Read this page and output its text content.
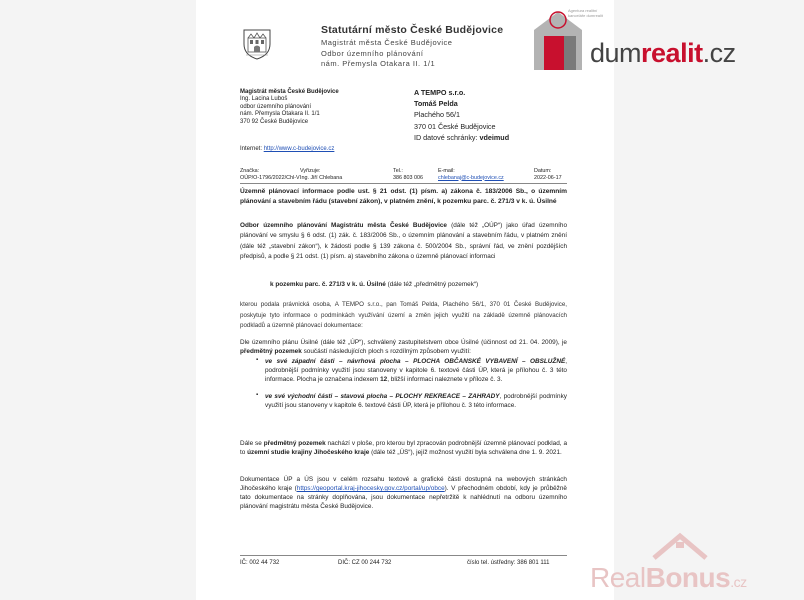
Statutární město České Budějovice
Magistrát města České Budějovice
Odbor územního plánování
nám. Přemysla Otakara II. 1/1
Agentura realitní
kanceláře dumrealit
dumrealit.cz
Magistrát města České Budějovice
Ing. Lacina Luboš
odbor územního plánování
nám. Přemysla Otakara II. 1/1
370 92 České Budějovice
Internet: http://www.c-budejovice.cz
A TEMPO s.r.o.
Tomáš Pelda
Plachého 56/1
370 01 České Budějovice
ID datové schránky: vdeimud
Značka:
OÚP/O-1796/2022/Chl-V
Vyřizuje:
Ing. Jiří Chlebana
Tel.:
386 803 006
E-mail:
chlebanaj@c-budejovice.cz
Datum:
2022-06-17
Územně plánovací informace podle ust. § 21 odst. (1) písm. a) zákona č. 183/2006 Sb., o územním plánování a stavebním řádu (stavební zákon), v platném znění, k pozemku parc. č. 271/3 v k. ú. Úsilné
Odbor územního plánování Magistrátu města České Budějovice (dále též „OÚP“) jako úřad územního plánování ve smyslu § 6 odst. (1) zák. č. 183/2006 Sb., o územním plánování a stavebním řádu, v platném znění (dále též „stavební zákon“), k žádosti podle § 139 zákona č. 500/2004 Sb., správní řád, ve znění pozdějších předpisů, a podle § 21 odst. (1) písm. a) stavebního zákona o územně plánovací informaci
k pozemku parc. č. 271/3 v k. ú. Úsilné (dále též „předmětný pozemek“)
kterou podala právnická osoba, A TEMPO s.r.o., pan Tomáš Pelda, Plachého 56/1, 370 01 České Budějovice, poskytuje tyto informace o podmínkách využívání území a změn jejich využití na základě územně plánovacích podkladů a územně plánovací dokumentace:
Dle územního plánu Úsilné (dále též „ÚP“), schválený zastupitelstvem obce Úsilné (účinnost od 21. 04. 2009), je předmětný pozemek součástí následujících ploch s rozdílným způsobem využití:
▪ ve své západní části – návrhová plocha – PLOCHA OBČANSKÉ VYBAVENÍ – OBSLUŽNÉ, podrobnější podmínky využití jsou stanoveny v kapitole 6. textové části ÚP, která je přílohou č. 3 této informace. Plocha je označena indexem 12, bližší informaci naleznete v příloze č. 3.
▪ ve své východní části – stavová plocha – PLOCHY REKREACE – ZAHRADY, podrobnější podmínky využití jsou stanoveny v kapitole 6. textové části ÚP, která je přílohou č. 3 této informace.
Dále se předmětný pozemek nachází v ploše, pro kterou byl zpracován podrobnější územně plánovací podklad, a to územní studie krajiny Jihočeského kraje (dále též „ÚS“), jejíž možnost využití byla schválena dne 1. 9. 2021.
Dokumentace ÚP a ÚS jsou v celém rozsahu textové a grafické části dostupná na webových stránkách Jihočeského kraje (https://geoportal.kraj-jihocesky.gov.cz/portal/up/obce). V přechodném období, kdy je průběžně tato dokumentace na stránky doplňována, jsou dokumentace nepřetržitě k nahlédnutí na odboru územního plánování magistrátu města České Budějovice.
IČ: 002 44 732	DIČ: CZ 00 244 732	číslo tel. ústředny: 386 801 111 RealBonus.cz
